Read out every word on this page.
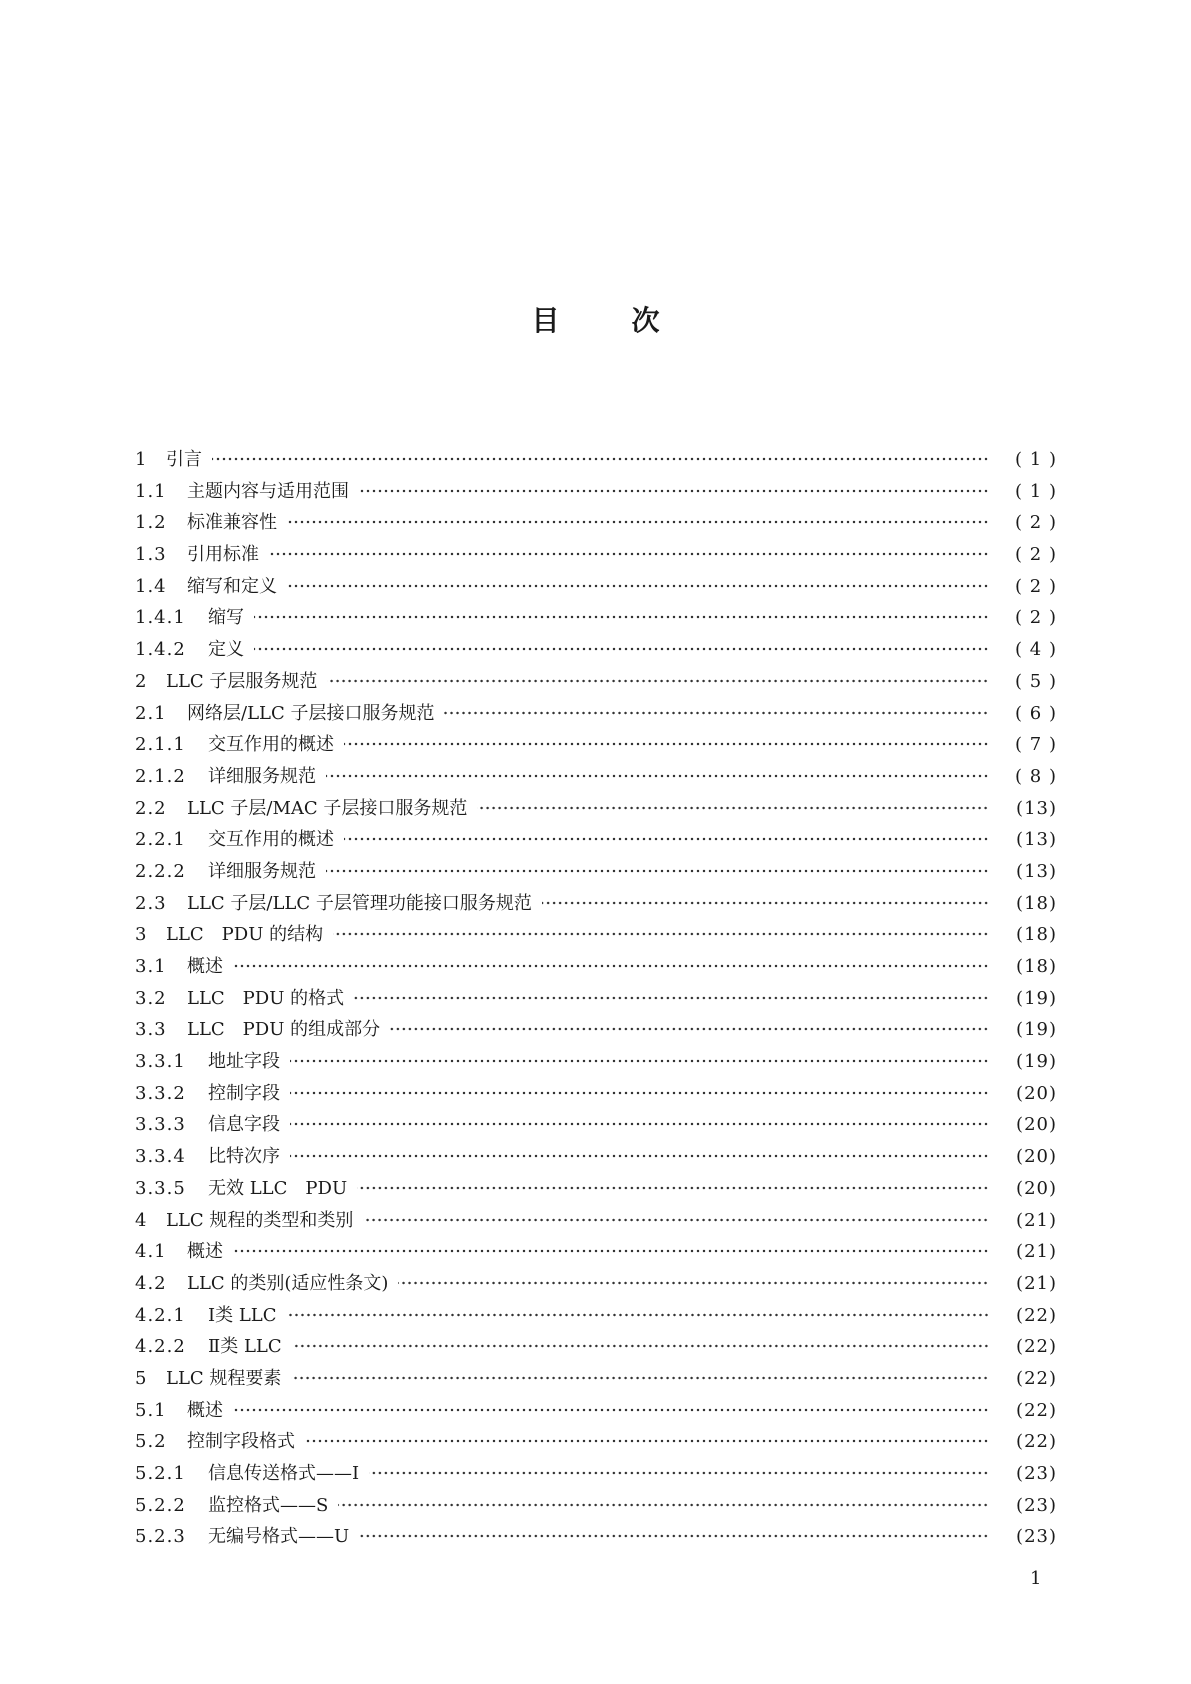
目	次
1	引言	( 1 )
1.1	主题内容与适用范围	( 1 )
1.2	标准兼容性	( 2 )
1.3	引用标准	( 2 )
1.4	缩写和定义	( 2 )
1.4.1	缩写	( 2 )
1.4.2	定义	( 4 )
2	LLC 子层服务规范	( 5 )
2.1	网络层/LLC 子层接口服务规范	( 6 )
2.1.1	交互作用的概述	( 7 )
2.1.2	详细服务规范	( 8 )
2.2	LLC 子层/MAC 子层接口服务规范	(13)
2.2.1	交互作用的概述	(13)
2.2.2	详细服务规范	(13)
2.3	LLC 子层/LLC 子层管理功能接口服务规范	(18)
3	LLC　PDU 的结构	(18)
3.1	概述	(18)
3.2	LLC　PDU 的格式	(19)
3.3	LLC　PDU 的组成部分	(19)
3.3.1	地址字段	(19)
3.3.2	控制字段	(20)
3.3.3	信息字段	(20)
3.3.4	比特次序	(20)
3.3.5	无效 LLC　PDU	(20)
4	LLC 规程的类型和类别	(21)
4.1	概述	(21)
4.2	LLC 的类别(适应性条文)	(21)
4.2.1	Ⅰ类 LLC	(22)
4.2.2	Ⅱ类 LLC	(22)
5	LLC 规程要素	(22)
5.1	概述	(22)
5.2	控制字段格式	(22)
5.2.1	信息传送格式——I	(23)
5.2.2	监控格式——S	(23)
5.2.3	无编号格式——U	(23)
1
